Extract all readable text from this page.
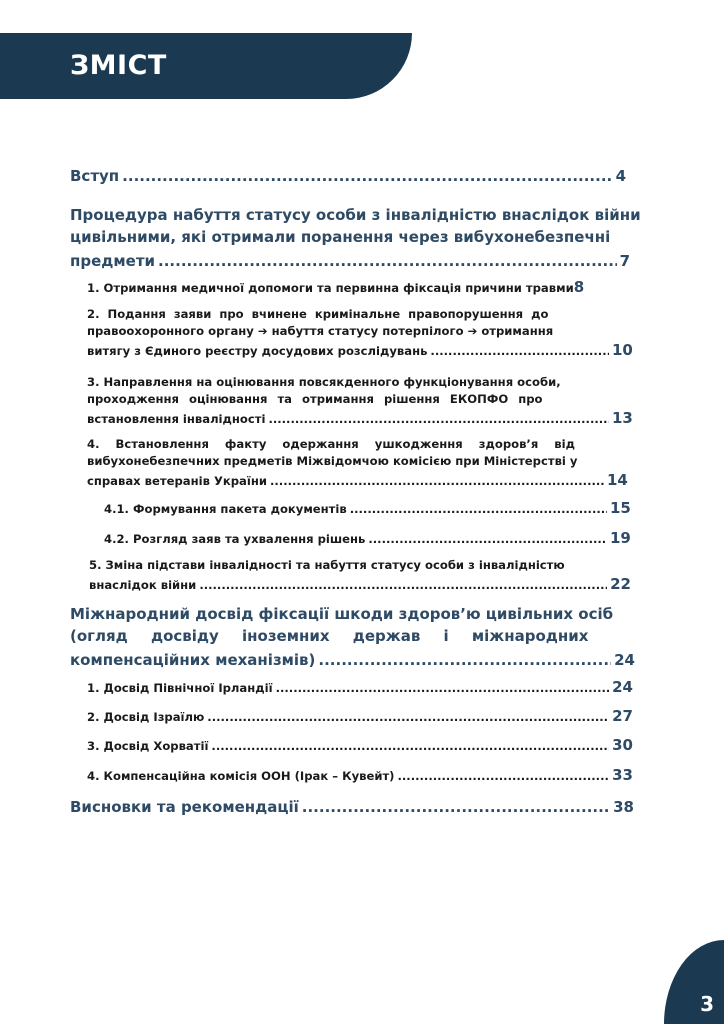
ЗМІСТ
Вступ .....	4
Процедура набуття статусу особи з інвалідністю внаслідок війни
цивільними, які отримали поранення через вибухонебезпечні
предмети .....	7
1. Отримання медичної допомоги та первинна фіксація причини травми 8
2. Подання заяви про вчинене кримінальне правопорушення до
правоохоронного органу ➔ набуття статусу потерпілого ➔ отримання
витягу з Єдиного реєстру досудових розслідувань .....	10
3. Направлення на оцінювання повсякденного функціонування особи,
проходження оцінювання та отримання рішення ЕКОПФО про
встановлення інвалідності .....	13
4. Встановлення факту одержання ушкодження здоров’я від
вибухонебезпечних предметів Міжвідомчою комісією при Міністерстві у
справах ветеранів України .....	14
4.1. Формування пакета документів .....	15
4.2. Розгляд заяв та ухвалення рішень .....	19
5. Зміна підстави інвалідності та набуття статусу особи з інвалідністю
внаслідок війни .....	22
Міжнародний досвід фіксації шкоди здоров’ю цивільних осіб
(огляд досвіду іноземних держав і міжнародних
компенсаційних механізмів) .....	24
1. Досвід Північної Ірландії .....	24
2. Досвід Ізраїлю .....	27
3. Досвід Хорватії .....	30
4. Компенсаційна комісія ООН (Ірак – Кувейт) .....	33
Висновки та рекомендації .....	38
3
